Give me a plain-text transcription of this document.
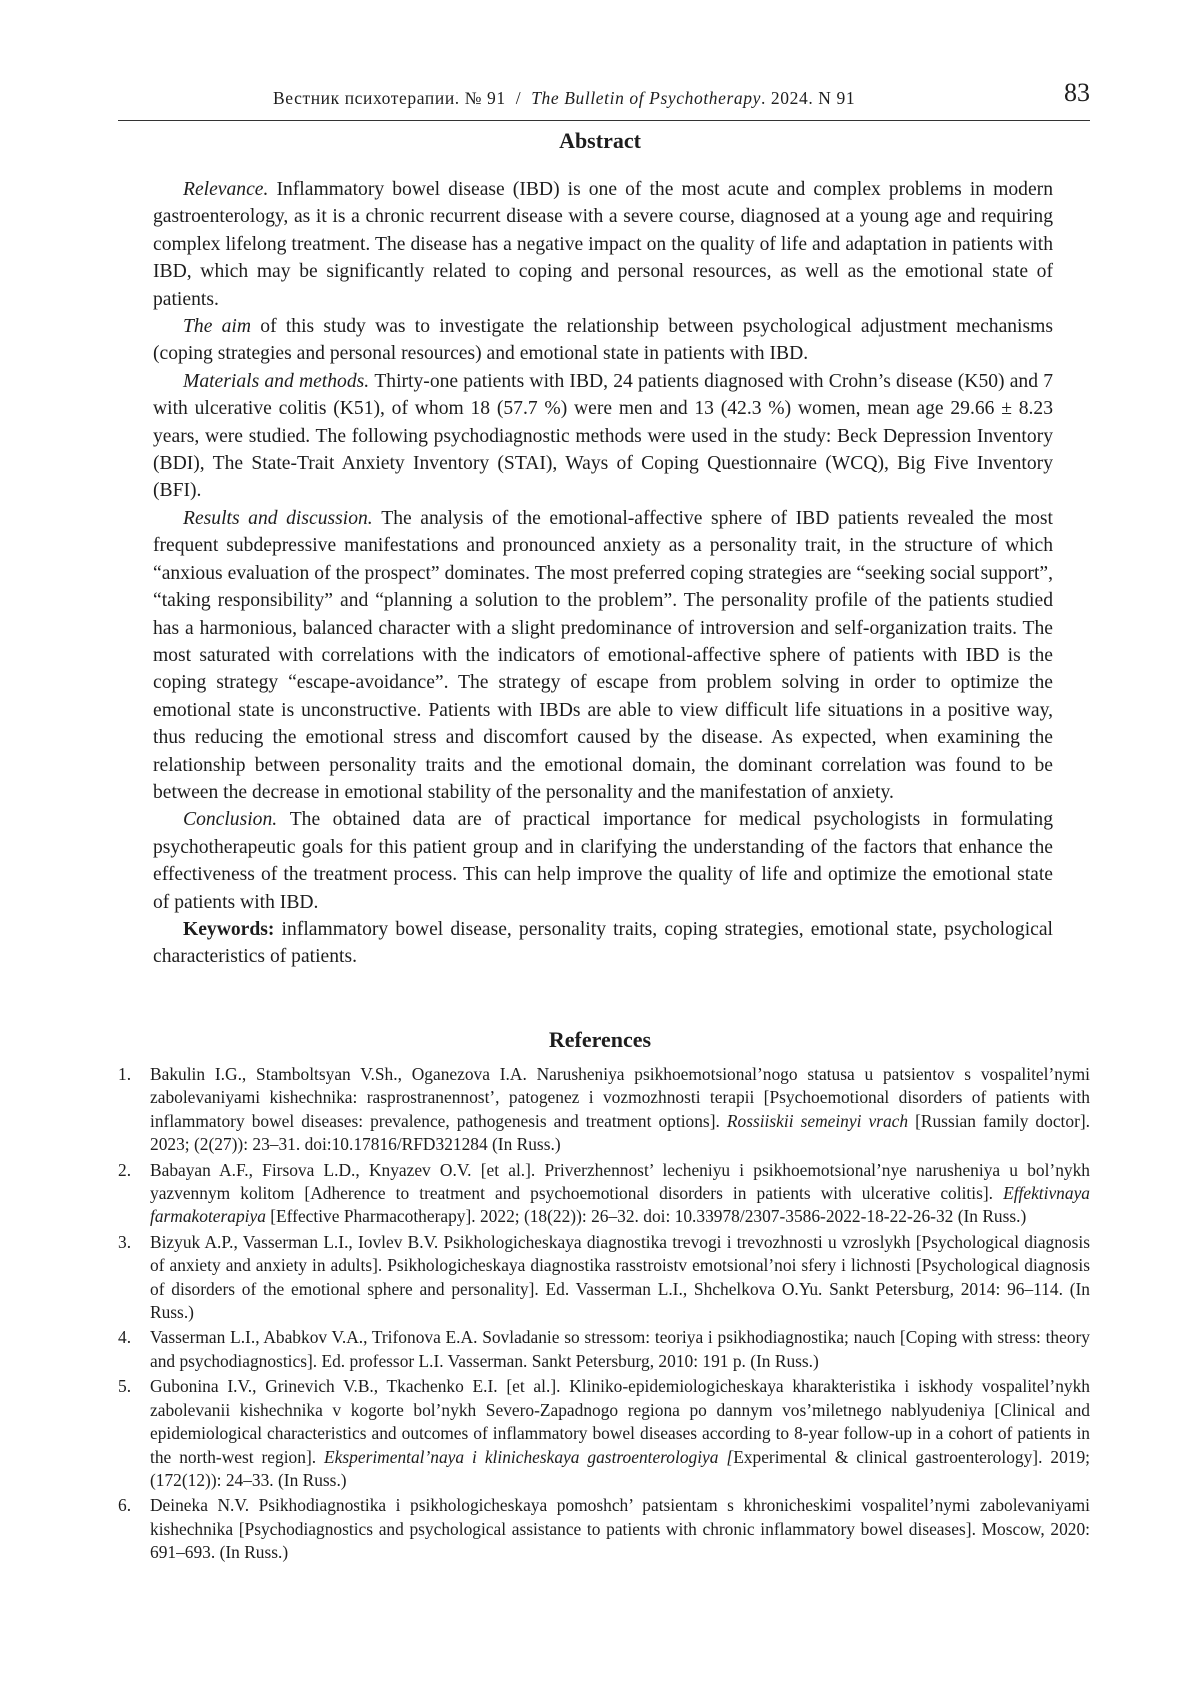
Вестник психотерапии. № 91 / The Bulletin of Psychotherapy. 2024. N 91	83
Abstract

Relevance. Inflammatory bowel disease (IBD) is one of the most acute and complex problems in modern gastroenterology, as it is a chronic recurrent disease with a severe course, diagnosed at a young age and requiring complex lifelong treatment. The disease has a negative impact on the quality of life and adaptation in patients with IBD, which may be significantly related to coping and personal resources, as well as the emotional state of patients.

The aim of this study was to investigate the relationship between psychological adjustment mechanisms (coping strategies and personal resources) and emotional state in patients with IBD.

Materials and methods. Thirty-one patients with IBD, 24 patients diagnosed with Crohn’s disease (K50) and 7 with ulcerative colitis (K51), of whom 18 (57.7 %) were men and 13 (42.3 %) women, mean age 29.66 ± 8.23 years, were studied. The following psychodiagnostic methods were used in the study: Beck Depression Inventory (BDI), The State-Trait Anxiety Inventory (STAI), Ways of Coping Questionnaire (WCQ), Big Five Inventory (BFI).

Results and discussion. The analysis of the emotional-affective sphere of IBD patients revealed the most frequent subdepressive manifestations and pronounced anxiety as a personality trait, in the structure of which “anxious evaluation of the prospect” dominates. The most preferred coping strategies are “seeking social support”, “taking responsibility” and “planning a solution to the problem”. The personality profile of the patients studied has a harmonious, balanced character with a slight predominance of introversion and self-organization traits. The most saturated with correlations with the indicators of emotional-affective sphere of patients with IBD is the coping strategy “escape-avoidance”. The strategy of escape from problem solving in order to optimize the emotional state is unconstructive. Patients with IBDs are able to view difficult life situations in a positive way, thus reducing the emotional stress and discomfort caused by the disease. As expected, when examining the relationship between personality traits and the emotional domain, the dominant correlation was found to be between the decrease in emotional stability of the personality and the manifestation of anxiety.

Conclusion. The obtained data are of practical importance for medical psychologists in formulating psychotherapeutic goals for this patient group and in clarifying the understanding of the factors that enhance the effectiveness of the treatment process. This can help improve the quality of life and optimize the emotional state of patients with IBD.

Keywords: inflammatory bowel disease, personality traits, coping strategies, emotional state, psychological characteristics of patients.

References
1. Bakulin I.G., Stamboltsyan V.Sh., Oganezova I.A. Narusheniya psikhoemotsional’nogo statusa u patsientov s vospalitel’nymi zabolevaniyami kishechnika: rasprostranennost’, patogenez i vozmozhnosti terapii [Psychoemotional disorders of patients with inflammatory bowel diseases: prevalence, pathogenesis and treatment options]. Rossiiskii semeinyi vrach [Russian family doctor]. 2023; (2(27)): 23–31. doi:10.17816/RFD321284 (In Russ.)
2. Babayan A.F., Firsova L.D., Knyazev O.V. [et al.]. Priverzhennost’ lecheniyu i psikhoemotsional’nye narusheniya u bol’nykh yazvennym kolitom [Adherence to treatment and psychoemotional disorders in patients with ulcerative colitis]. Effektivnaya farmakoterapiya [Effective Pharmacotherapy]. 2022; (18(22)): 26–32. doi: 10.33978/2307-3586-2022-18-22-26-32 (In Russ.)
3. Bizyuk A.P., Vasserman L.I., Iovlev B.V. Psikhologicheskaya diagnostika trevogi i trevozhnosti u vzroslykh [Psychological diagnosis of anxiety and anxiety in adults]. Psikhologicheskaya diagnostika rasstroistv emotsional’noi sfery i lichnosti [Psychological diagnosis of disorders of the emotional sphere and personality]. Ed. Vasserman L.I., Shchelkova O.Yu. Sankt Petersburg, 2014: 96–114. (In Russ.)
4. Vasserman L.I., Ababkov V.A., Trifonova E.A. Sovladanie so stressom: teoriya i psikhodiagnostika; nauch [Coping with stress: theory and psychodiagnostics]. Ed. professor L.I. Vasserman. Sankt Petersburg, 2010: 191 p. (In Russ.)
5. Gubonina I.V., Grinevich V.B., Tkachenko E.I. [et al.]. Kliniko-epidemiologicheskaya kharakteristika i iskhody vospalitel’nykh zabolevanii kishechnika v kogorte bol’nykh Severo-Zapadnogo regiona po dannym vos’miletnego nablyudeniya [Clinical and epidemiological characteristics and outcomes of inflammatory bowel diseases according to 8-year follow-up in a cohort of patients in the north-west region]. Eksperimental’naya i klinicheskaya gastroenterologiya [Experimental & clinical gastroenterology]. 2019; (172(12)): 24–33. (In Russ.)
6. Deineka N.V. Psikhodiagnostika i psikhologicheskaya pomoshch’ patsientam s khronicheskimi vospalitel’nymi zabolevaniyami kishechnika [Psychodiagnostics and psychological assistance to patients with chronic inflammatory bowel diseases]. Moscow, 2020: 691–693. (In Russ.)
